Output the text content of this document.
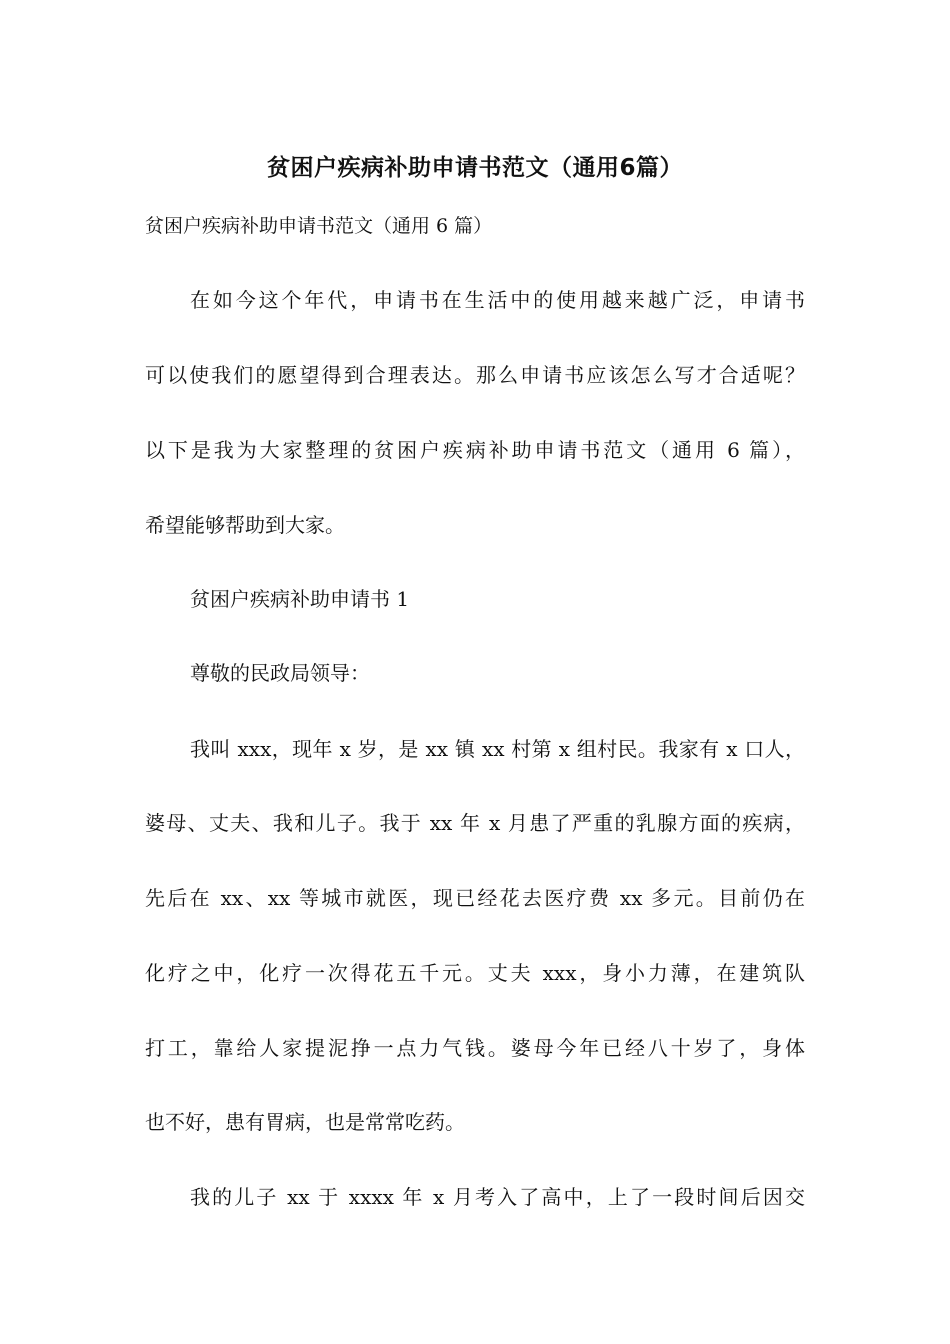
贫困户疾病补助申请书范文（通用6篇）

贫困户疾病补助申请书范文（通用 6 篇）

在如今这个年代，申请书在生活中的使用越来越广泛，申请书

可以使我们的愿望得到合理表达。那么申请书应该怎么写才合适呢？

以下是我为大家整理的贫困户疾病补助申请书范文（通用 6 篇），

希望能够帮助到大家。

贫困户疾病补助申请书 1

尊敬的民政局领导：

我叫 xxx，现年 x 岁，是 xx 镇 xx 村第 x 组村民。我家有 x 口人，

婆母、丈夫、我和儿子。我于 xx 年 x 月患了严重的乳腺方面的疾病，

先后在 xx、xx 等城市就医，现已经花去医疗费 xx 多元。目前仍在

化疗之中，化疗一次得花五千元。丈夫 xxx，身小力薄，在建筑队

打工，靠给人家提泥挣一点力气钱。婆母今年已经八十岁了，身体

也不好，患有胃病，也是常常吃药。

我的儿子 xx 于 xxxx 年 x 月考入了高中，上了一段时间后因交
